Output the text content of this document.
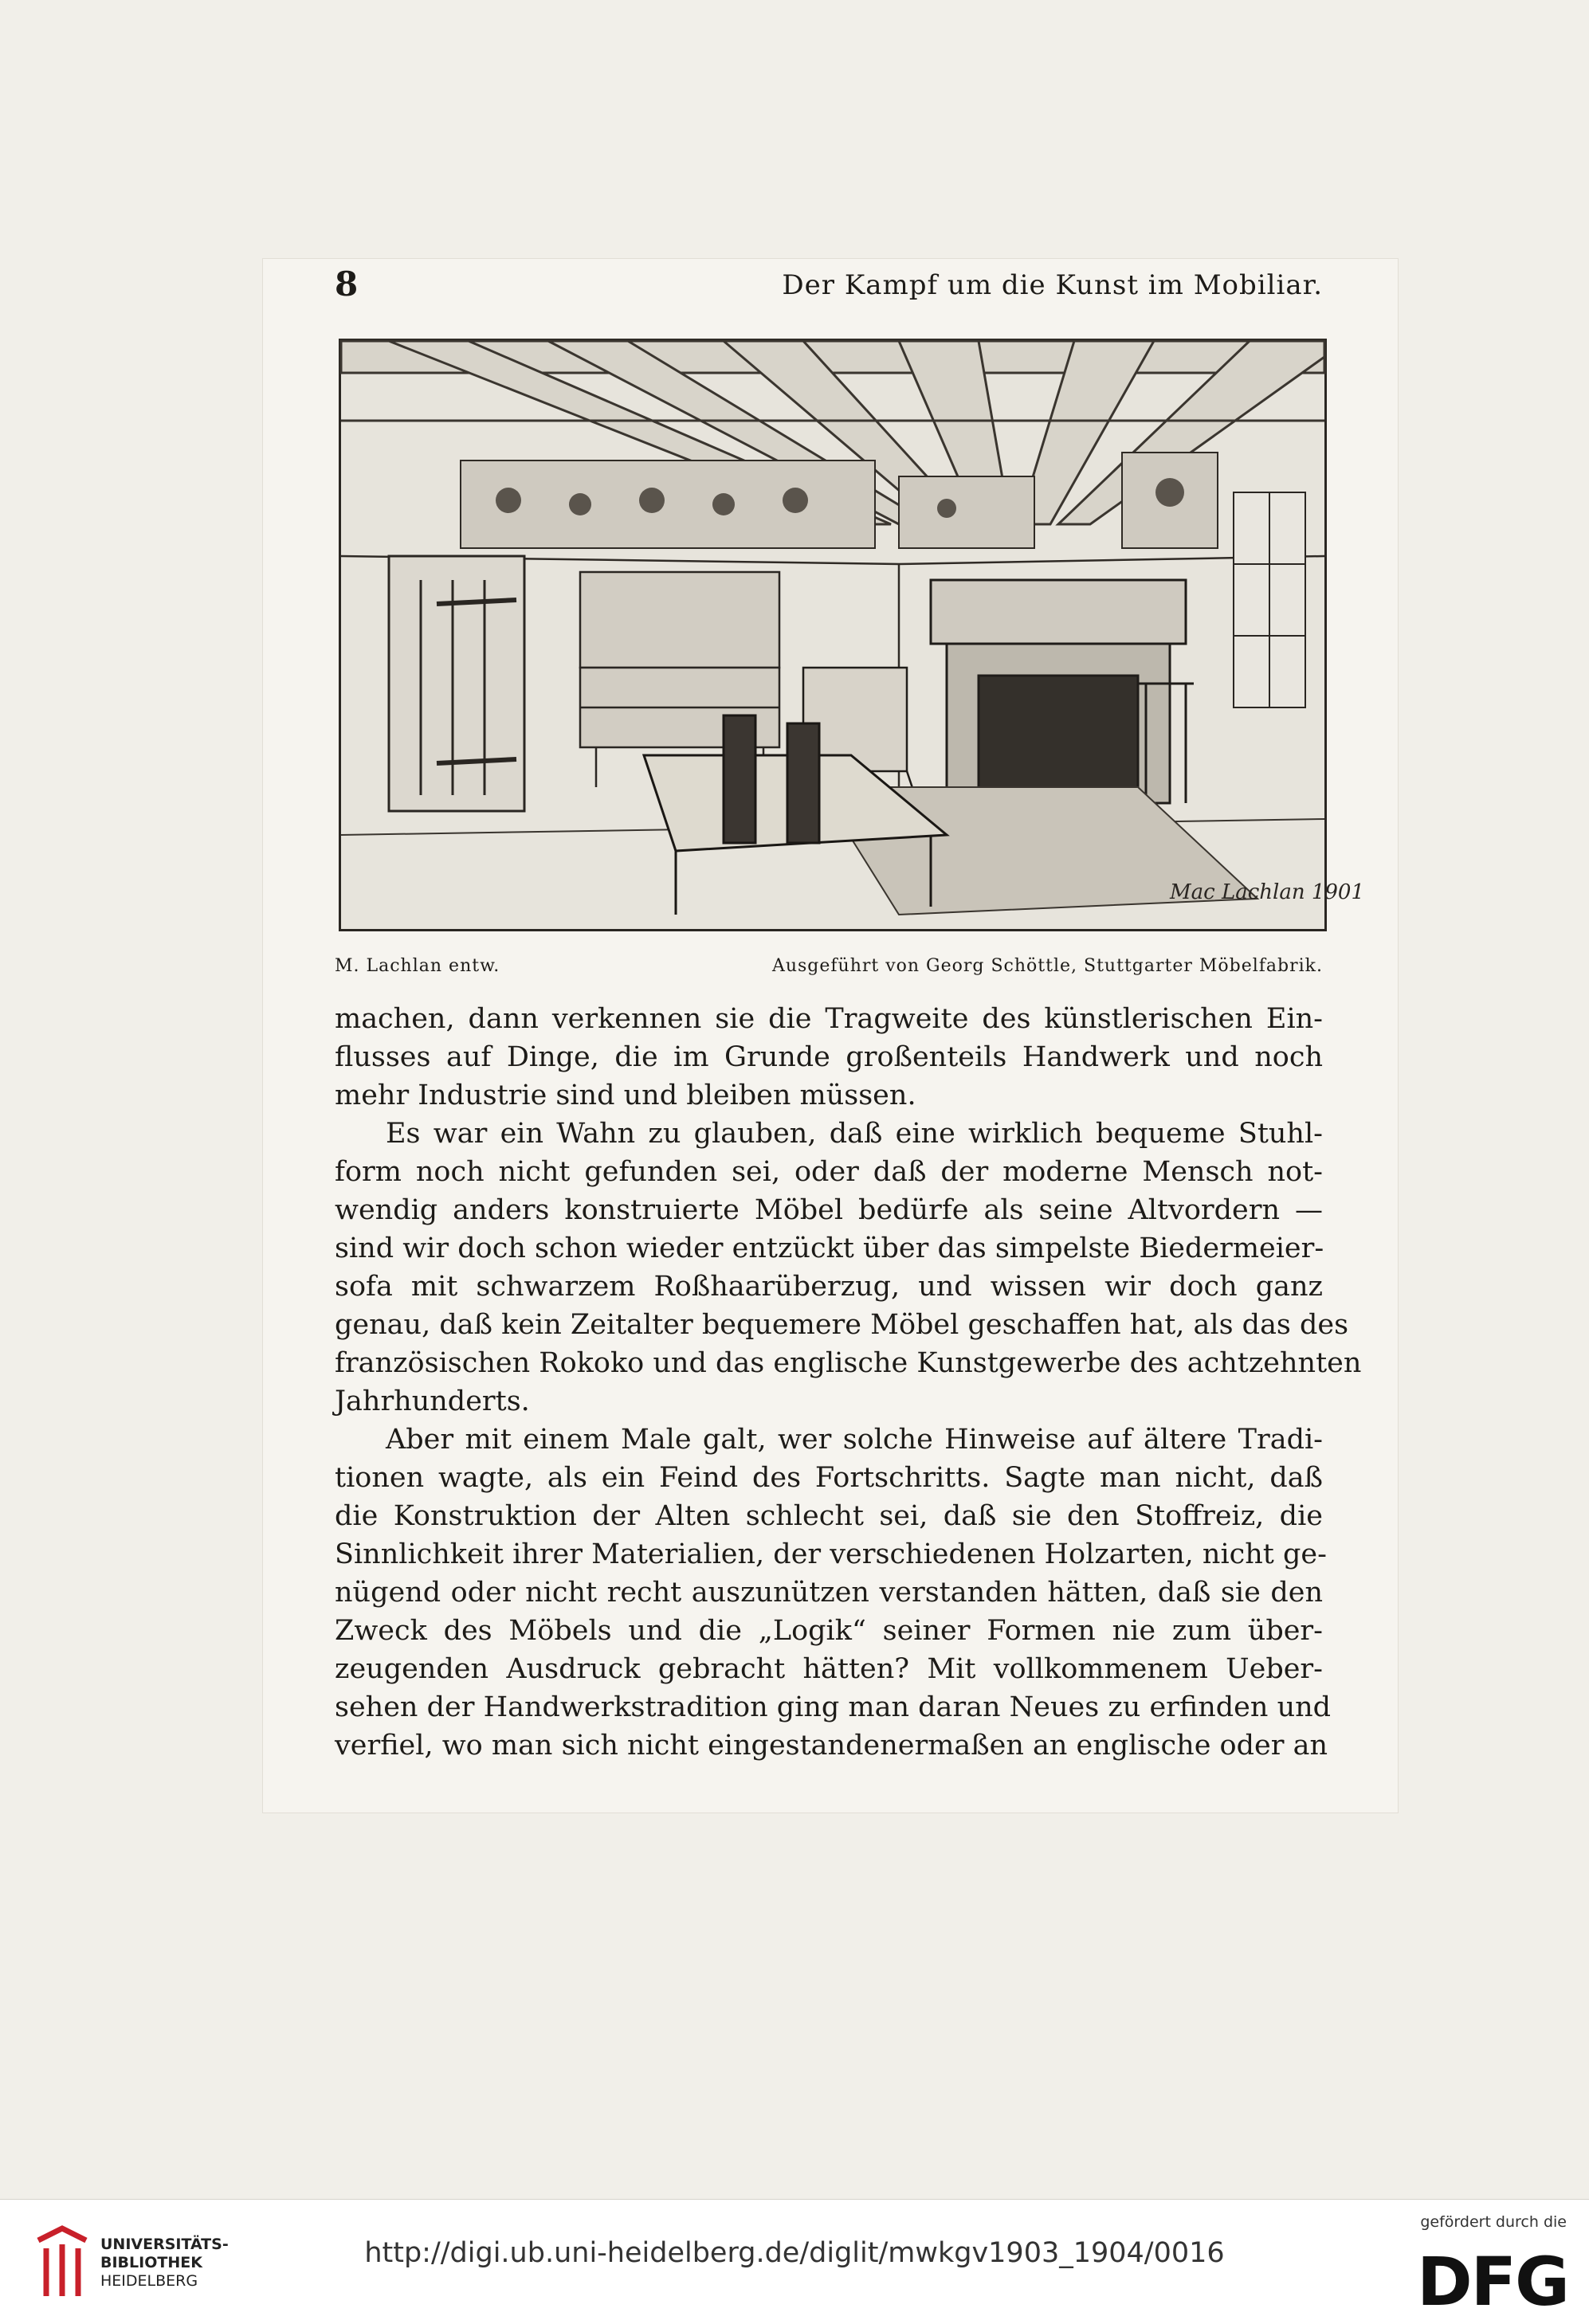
8	Der Kampf um die Kunst im Mobiliar.
Mac Lachlan 1901
M. Lachlan entw.	Ausgeführt von Georg Schöttle, Stuttgarter Möbelfabrik.
machen, dann verkennen sie die Tragweite des künstlerischen Ein-
flusses auf Dinge, die im Grunde großenteils Handwerk und noch
mehr Industrie sind und bleiben müssen.
Es war ein Wahn zu glauben, daß eine wirklich bequeme Stuhl-
form noch nicht gefunden sei, oder daß der moderne Mensch not-
wendig anders konstruierte Möbel bedürfe als seine Altvordern —
sind wir doch schon wieder entzückt über das simpelste Biedermeier-
sofa mit schwarzem Roßhaarüberzug, und wissen wir doch ganz
genau, daß kein Zeitalter bequemere Möbel geschaffen hat, als das des
französischen Rokoko und das englische Kunstgewerbe des achtzehnten
Jahrhunderts.
Aber mit einem Male galt, wer solche Hinweise auf ältere Tradi-
tionen wagte, als ein Feind des Fortschritts. Sagte man nicht, daß
die Konstruktion der Alten schlecht sei, daß sie den Stoffreiz, die
Sinnlichkeit ihrer Materialien, der verschiedenen Holzarten, nicht ge-
nügend oder nicht recht auszunützen verstanden hätten, daß sie den
Zweck des Möbels und die „Logik“ seiner Formen nie zum über-
zeugenden Ausdruck gebracht hätten? Mit vollkommenem Ueber-
sehen der Handwerkstradition ging man daran Neues zu erfinden und
verfiel, wo man sich nicht eingestandenermaßen an englische oder an
UNIVERSITÄTS-
BIBLIOTHEK
HEIDELBERG
http://digi.ub.uni-heidelberg.de/diglit/mwkgv1903_1904/0016
gefördert durch die
DFG
